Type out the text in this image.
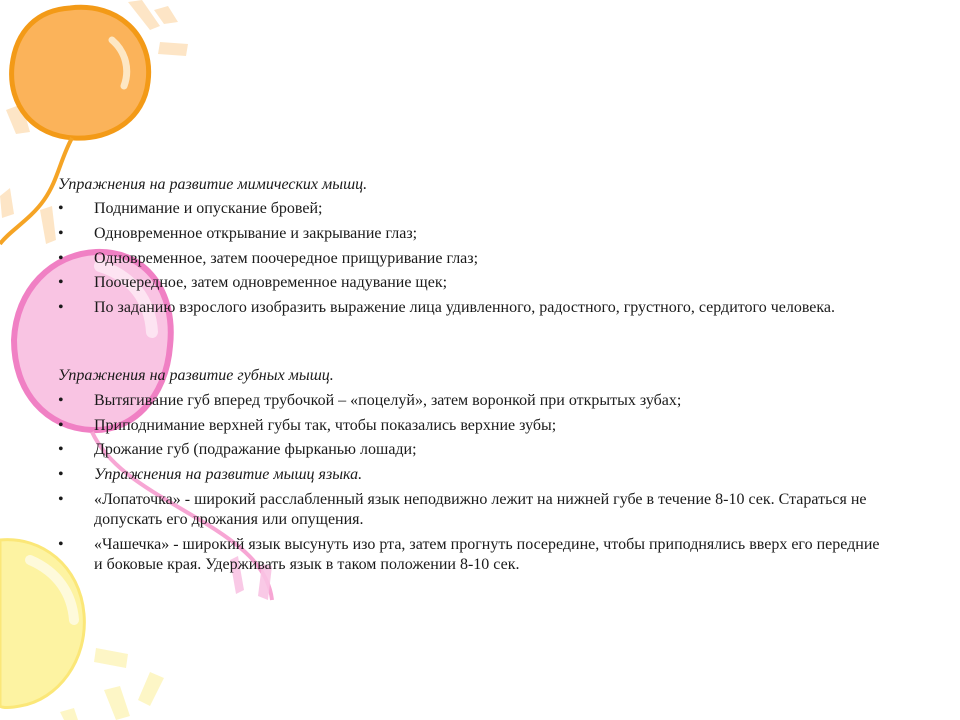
Упражнения на развитие мимических мышц.
•	Поднимание и опускание бровей;
•	Одновременное открывание и закрывание глаз;
•	Одновременное, затем поочередное прищуривание глаз;
•	Поочередное, затем одновременное надувание щек;
•	По заданию взрослого изобразить выражение лица удивленного, радостного, грустного, сердитого человека.
Упражнения на развитие губных мышц.
•	Вытягивание губ вперед трубочкой – «поцелуй», затем воронкой при открытых зубах;
•	Приподнимание верхней губы так, чтобы показались верхние зубы;
•	Дрожание губ (подражание фырканью лошади;
•	Упражнения на развитие мышц языка.
•	«Лопаточка» - широкий расслабленный язык неподвижно лежит на нижней губе в течение 8-10 сек. Стараться не допускать его дрожания или опущения.
•	«Чашечка» - широкий язык высунуть изо рта, затем прогнуть посередине, чтобы приподнялись вверх его передние и боковые края. Удерживать язык в таком положении 8-10 сек.
